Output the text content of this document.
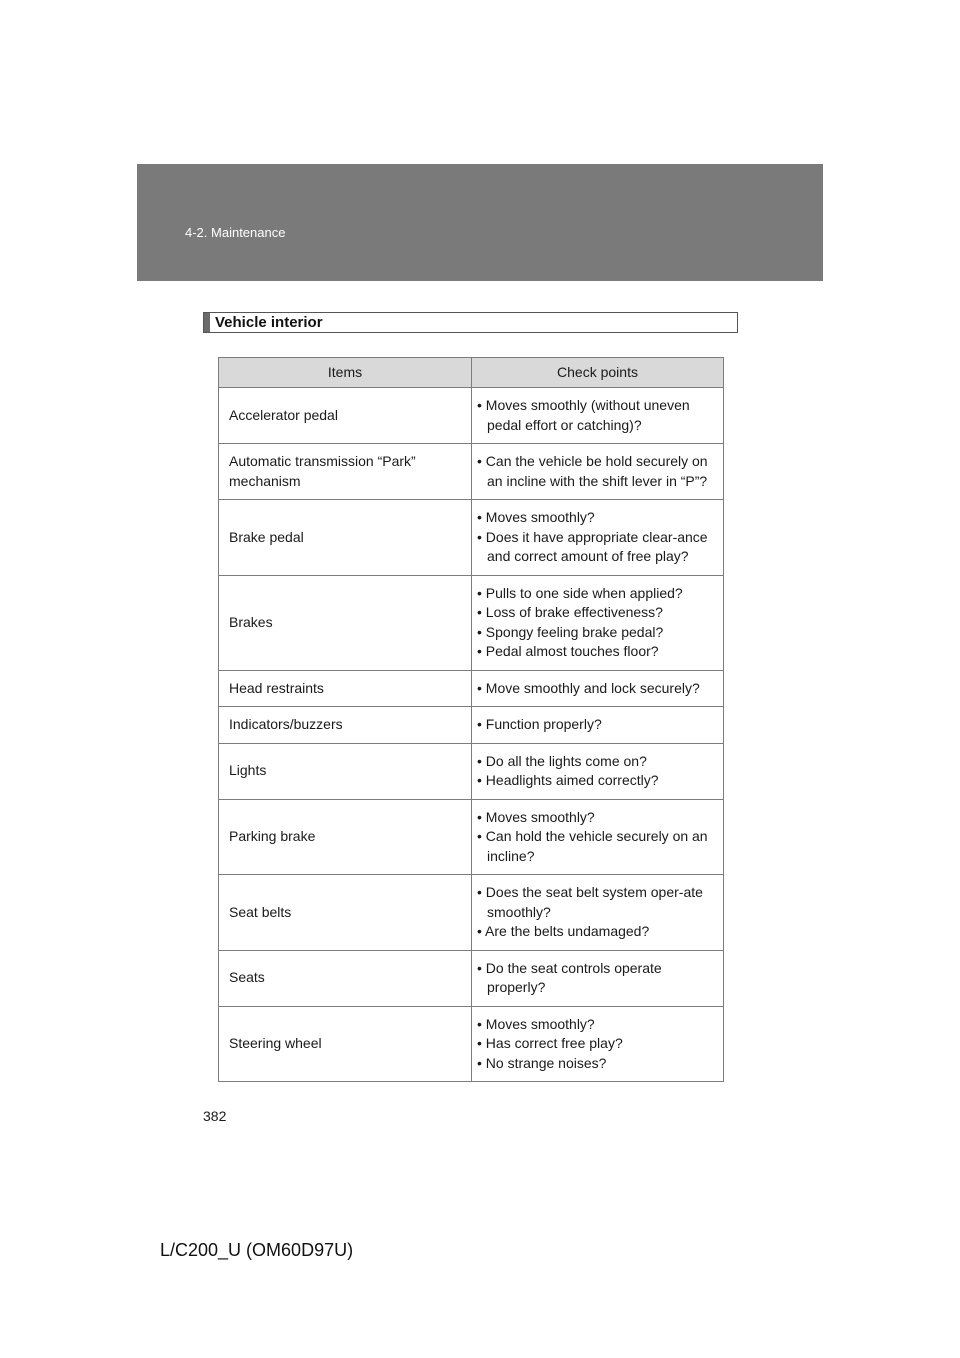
4-2. Maintenance
Vehicle interior
Items	Check points
Accelerator pedal	• Moves smoothly (without uneven pedal effort or catching)?

Automatic transmission “Park” mechanism	• Can the vehicle be hold securely on an incline with the shift lever in “P”?

Brake pedal	• Moves smoothly?
• Does it have appropriate clear-ance and correct amount of free play?

Brakes	• Pulls to one side when applied?
• Loss of brake effectiveness?
• Spongy feeling brake pedal?
• Pedal almost touches floor?

Head restraints	• Move smoothly and lock securely?

Indicators/buzzers	• Function properly?

Lights	• Do all the lights come on?
• Headlights aimed correctly?

Parking brake	• Moves smoothly?
• Can hold the vehicle securely on an incline?

Seat belts	• Does the seat belt system oper-ate smoothly?
• Are the belts undamaged?

Seats	• Do the seat controls operate properly?

Steering wheel	• Moves smoothly?
• Has correct free play?
• No strange noises?
382
L/C200_U (OM60D97U)
